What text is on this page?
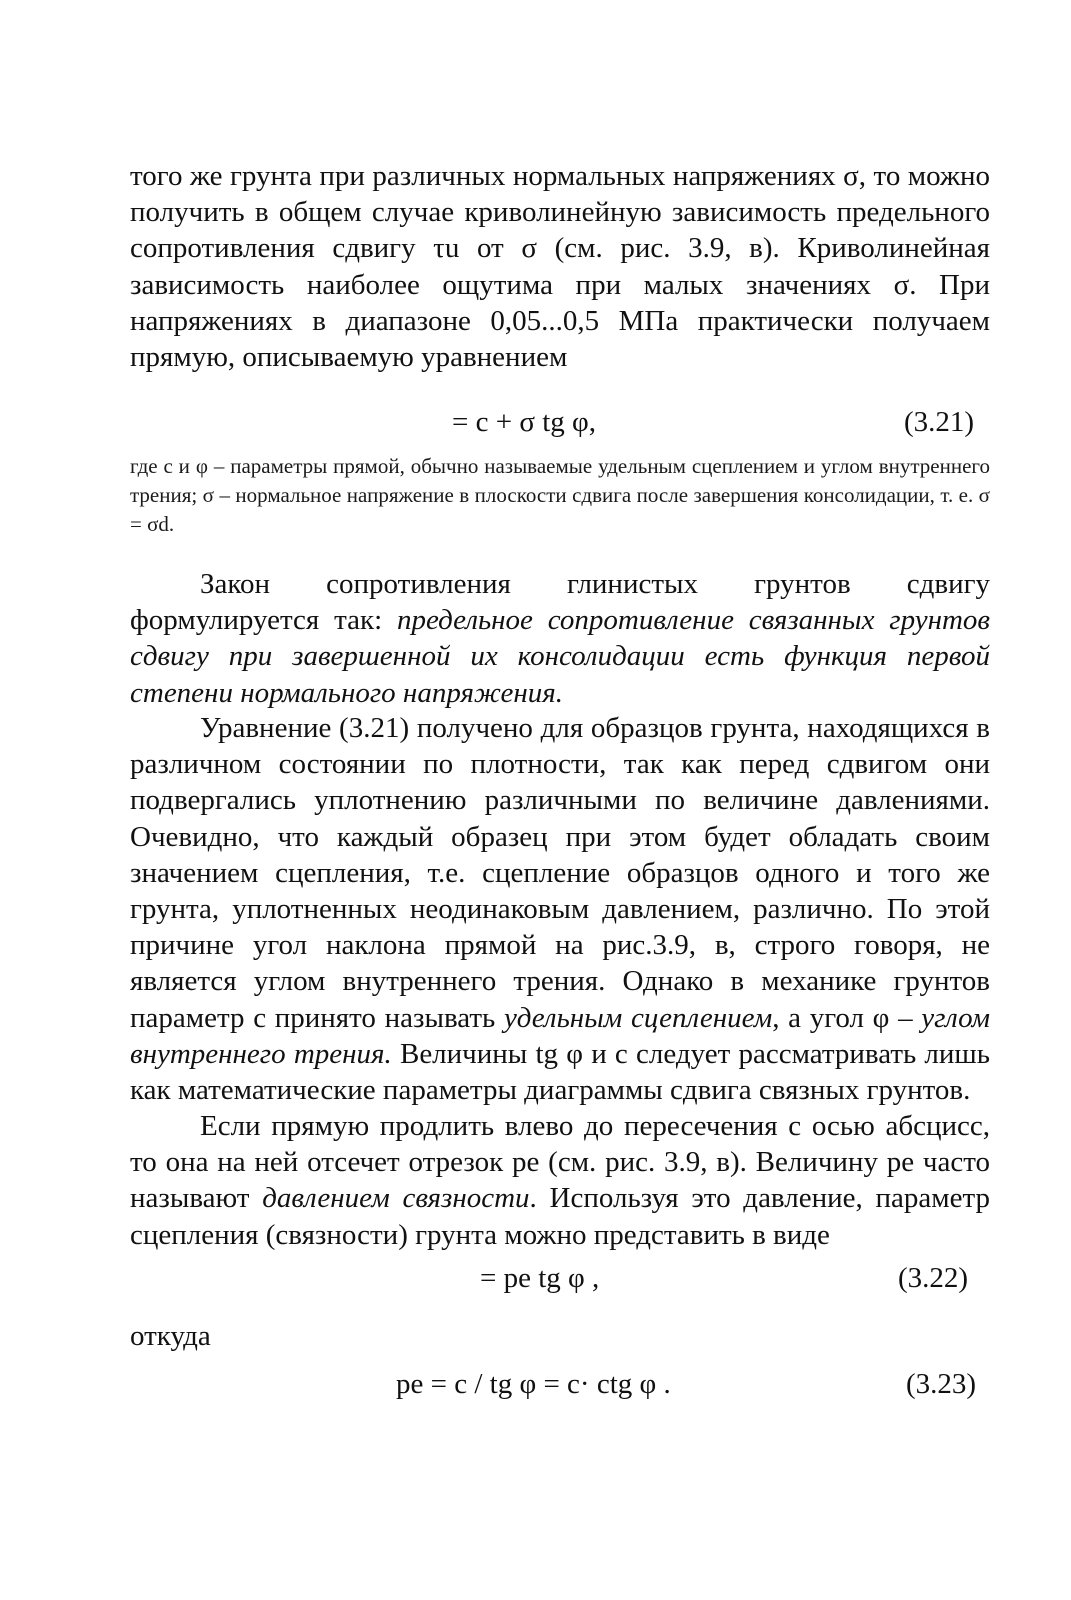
того же грунта при различных нормальных напряжениях σ, то можно получить в общем случае криволинейную зависимость предельного сопротивления сдвигу τu от σ (см. рис. 3.9, в). Криволинейная зависимость наиболее ощутима при малых значениях σ. При напряжениях в диапазоне 0,05...0,5 МПа практически получаем прямую, описываемую уравнением

= c + σ tg φ,	(3.21)

где c и φ – параметры прямой, обычно называемые удельным сцеплением и углом внутреннего трения; σ – нормальное напряжение в плоскости сдвига после завершения консолидации, т. е. σ = σd.

Закон сопротивления глинистых грунтов сдвигу формулируется так: предельное сопротивление связанных грунтов сдвигу при завершенной их консолидации есть функция первой степени нормального напряжения.

Уравнение (3.21) получено для образцов грунта, находящихся в различном состоянии по плотности, так как перед сдвигом они подвергались уплотнению различными по величине давлениями. Очевидно, что каждый образец при этом будет обладать своим значением сцепления, т.е. сцепление образцов одного и того же грунта, уплотненных неодинаковым давлением, различно. По этой причине угол наклона прямой на рис.3.9, в, строго говоря, не является углом внутреннего трения. Однако в механике грунтов параметр c принято называть удельным сцеплением, а угол φ – углом внутреннего трения. Величины tg φ и c следует рассматривать лишь как математические параметры диаграммы сдвига связных грунтов.

Если прямую продлить влево до пересечения с осью абсцисс, то она на ней отсечет отрезок pe (см. рис. 3.9, в). Величину pe часто называют давлением связности. Используя это давление, параметр сцепления (связности) грунта можно представить в виде

= pe tg φ ,	(3.22)
откуда
pe = c / tg φ = c· ctg φ .	(3.23)
